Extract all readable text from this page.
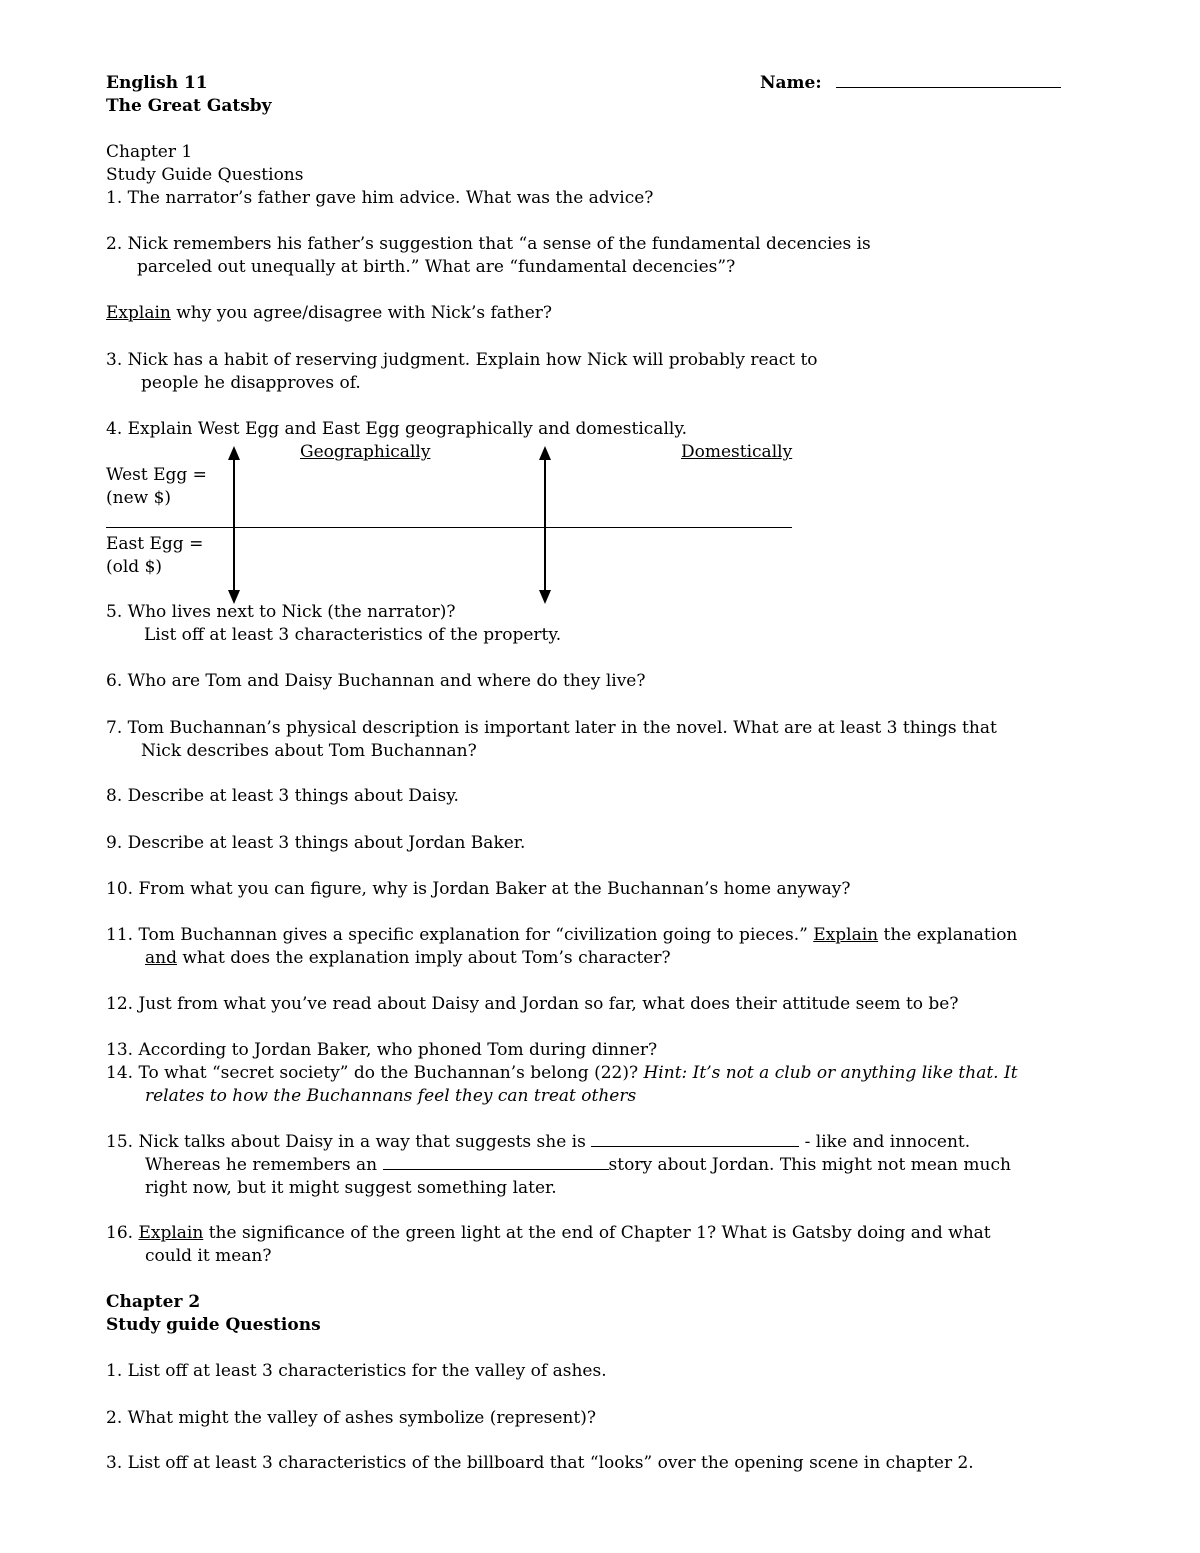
English 11
The Great Gatsby
Name:
Chapter 1
Study Guide Questions
1. The narrator’s father gave him advice. What was the advice?
2. Nick remembers his father’s suggestion that “a sense of the fundamental decencies is
parceled out unequally at birth.” What are “fundamental decencies”?
Explain why you agree/disagree with Nick’s father?
3. Nick has a habit of reserving judgment. Explain how Nick will probably react to
people he disapproves of.
4. Explain West Egg and East Egg geographically and domestically.
Geographically	Domestically
West Egg =
(new $)
East Egg =
(old $)
5. Who lives next to Nick (the narrator)?
List off at least 3 characteristics of the property.
6. Who are Tom and Daisy Buchannan and where do they live?
7. Tom Buchannan’s physical description is important later in the novel. What are at least 3 things that
Nick describes about Tom Buchannan?
8. Describe at least 3 things about Daisy.
9. Describe at least 3 things about Jordan Baker.
10. From what you can figure, why is Jordan Baker at the Buchannan’s home anyway?
11. Tom Buchannan gives a specific explanation for “civilization going to pieces.” Explain the explanation
and what does the explanation imply about Tom’s character?
12. Just from what you’ve read about Daisy and Jordan so far, what does their attitude seem to be?
13. According to Jordan Baker, who phoned Tom during dinner?
14. To what “secret society” do the Buchannan’s belong (22)? Hint: It’s not a club or anything like that. It
relates to how the Buchannans feel they can treat others
15. Nick talks about Daisy in a way that suggests she is	- like and innocent.
Whereas he remembers an	story about Jordan. This might not mean much
right now, but it might suggest something later.
16. Explain the significance of the green light at the end of Chapter 1? What is Gatsby doing and what
could it mean?
Chapter 2
Study guide Questions
1. List off at least 3 characteristics for the valley of ashes.
2. What might the valley of ashes symbolize (represent)?
3. List off at least 3 characteristics of the billboard that “looks” over the opening scene in chapter 2.
